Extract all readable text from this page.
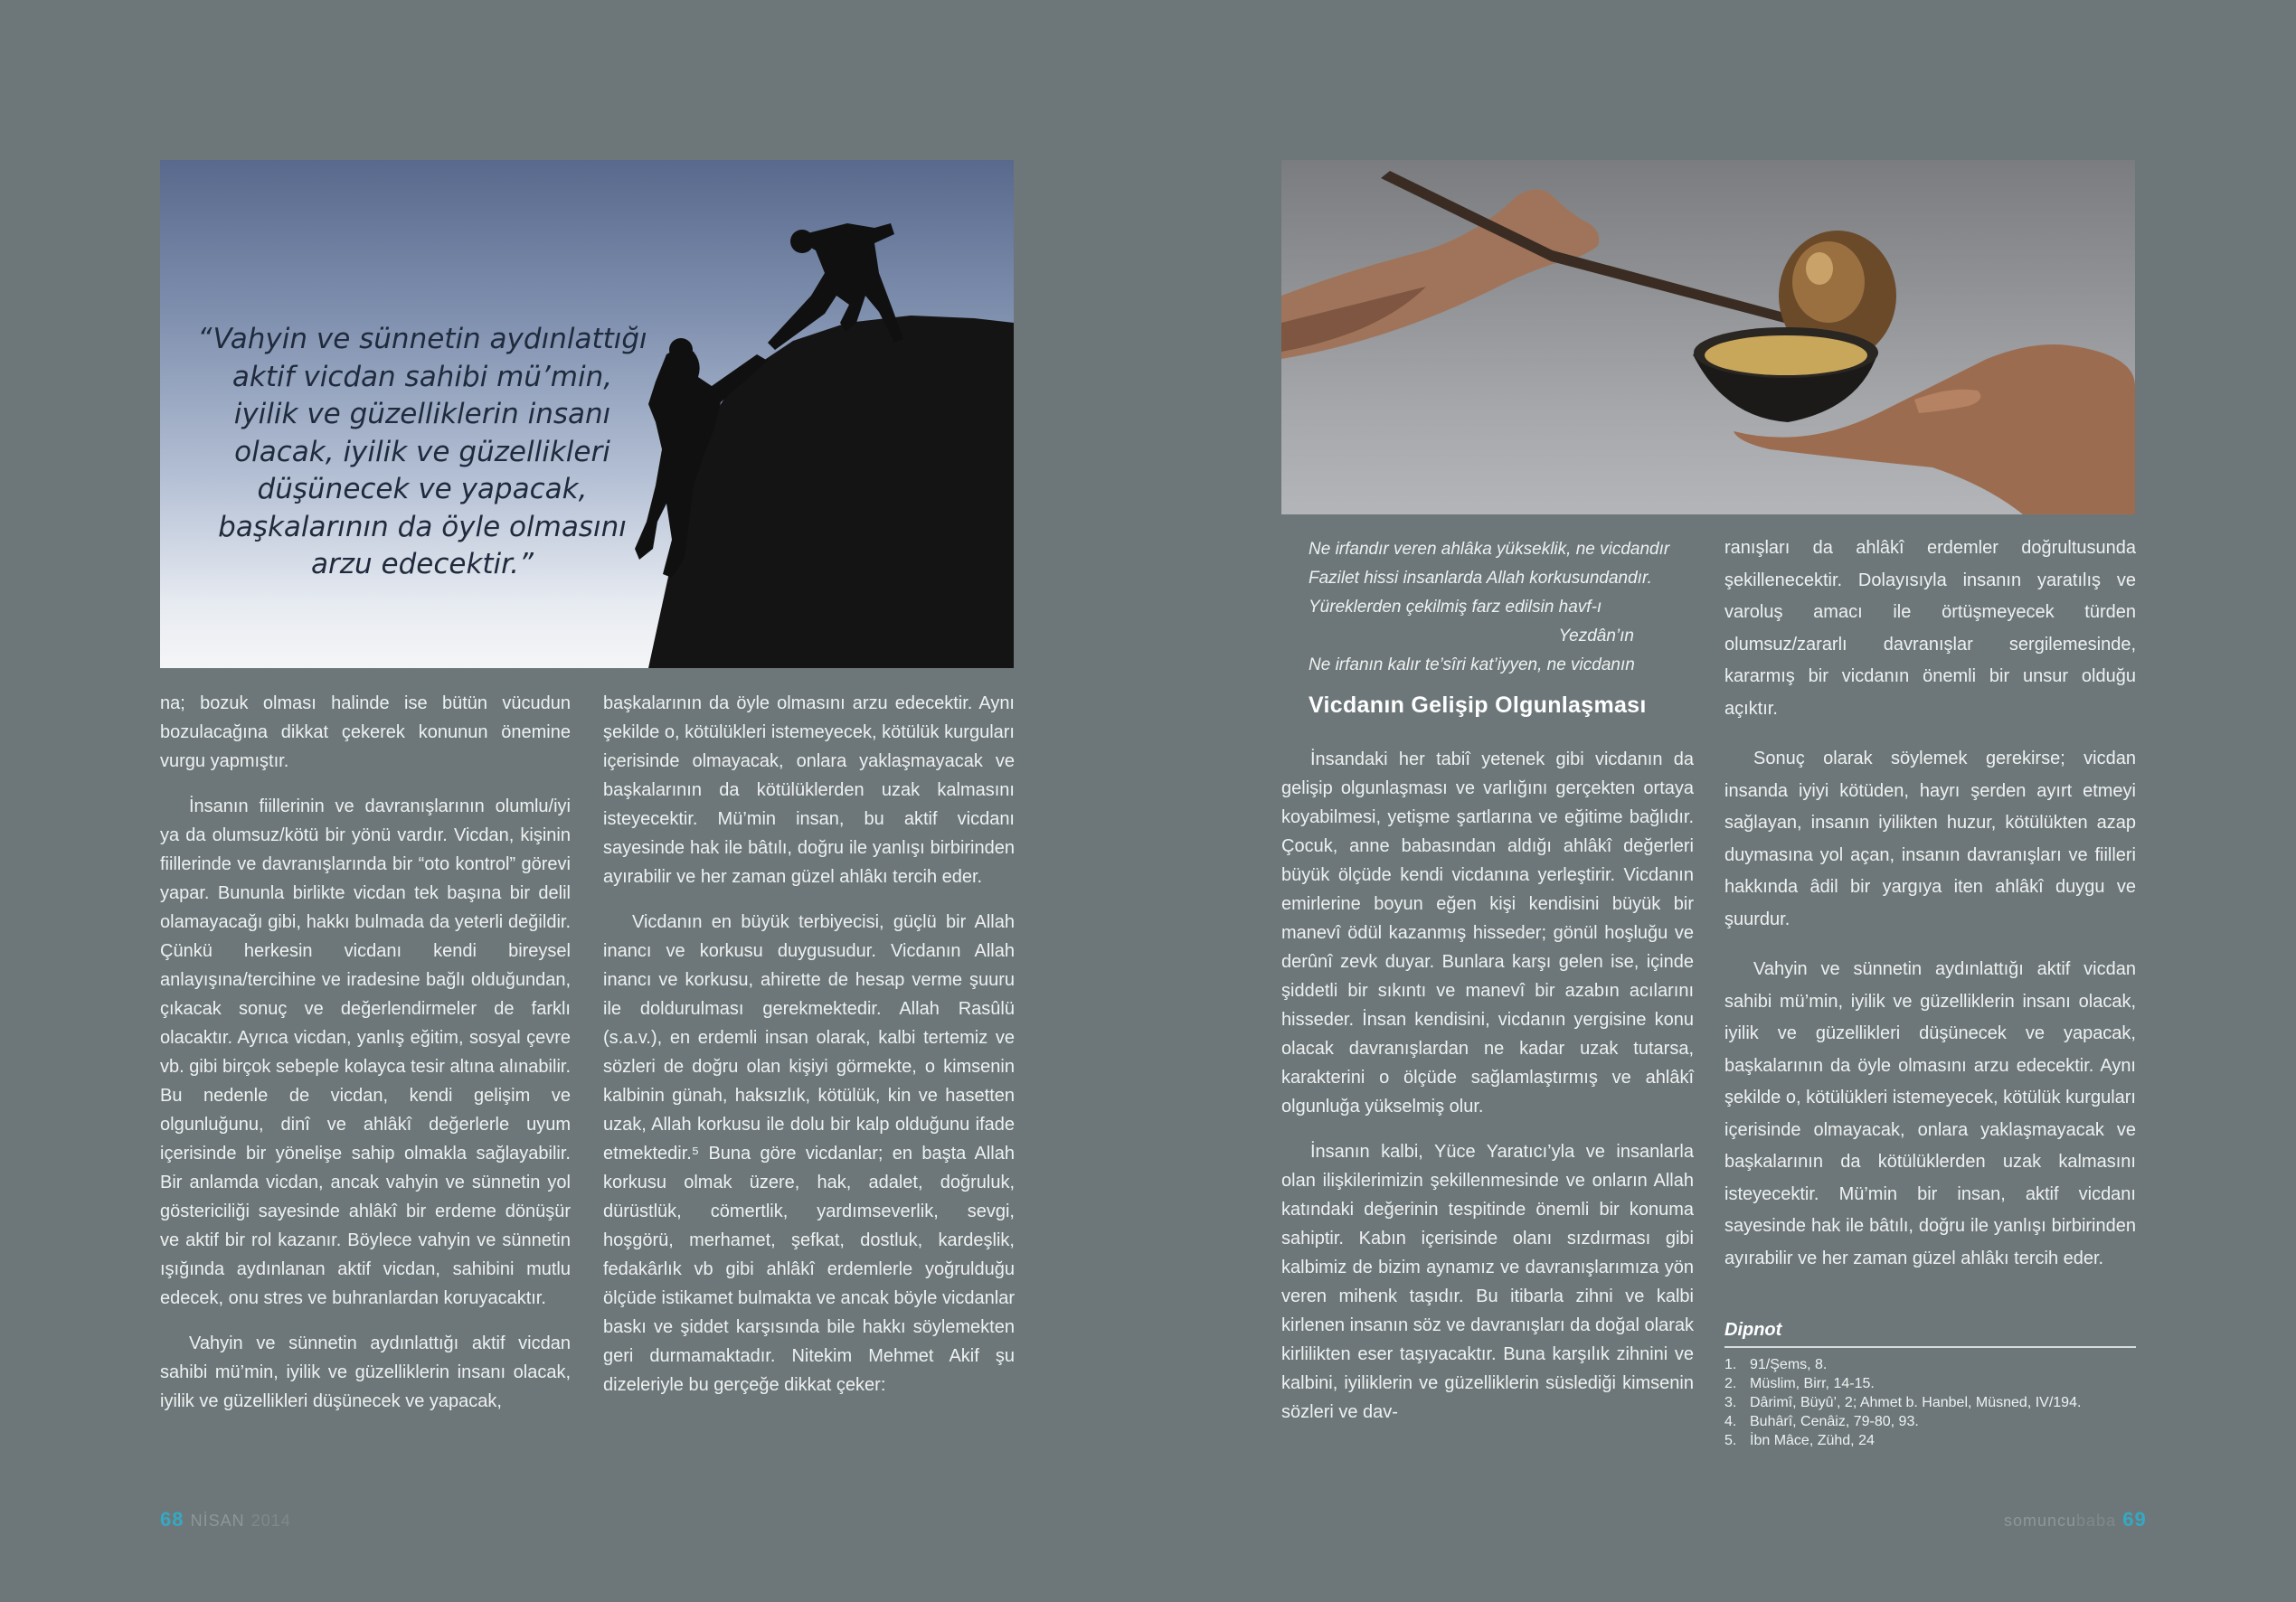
“Vahyin ve sünnetin aydınlattığı aktif vicdan sahibi mü’min, iyilik ve güzelliklerin insanı olacak, iyilik ve güzellikleri düşünecek ve yapacak, başkalarının da öyle olmasını arzu edecektir.”

na; bozuk olması halinde ise bütün vücudun bozulacağına dikkat çekerek konunun önemine vurgu yapmıştır.

İnsanın fiillerinin ve davranışlarının olumlu/iyi ya da olumsuz/kötü bir yönü vardır. Vicdan, kişinin fiillerinde ve davranışlarında bir “oto kontrol” görevi yapar. Bununla birlikte vicdan tek başına bir delil olamayacağı gibi, hakkı bulmada da yeterli değildir. Çünkü herkesin vicdanı kendi bireysel anlayışına/tercihine ve iradesine bağlı olduğundan, çıkacak sonuç ve değerlendirmeler de farklı olacaktır. Ayrıca vicdan, yanlış eğitim, sosyal çevre vb. gibi birçok sebeple kolayca tesir altına alınabilir. Bu nedenle de vicdan, kendi gelişim ve olgunluğunu, dinî ve ahlâkî değerlerle uyum içerisinde bir yönelişe sahip olmakla sağlayabilir. Bir anlamda vicdan, ancak vahyin ve sünnetin yol göstericiliği sayesinde ahlâkî bir erdeme dönüşür ve aktif bir rol kazanır. Böylece vahyin ve sünnetin ışığında aydınlanan aktif vicdan, sahibini mutlu edecek, onu stres ve buhranlardan koruyacaktır.

Vahyin ve sünnetin aydınlattığı aktif vicdan sahibi mü’min, iyilik ve güzelliklerin insanı olacak, iyilik ve güzellikleri düşünecek ve yapacak,

başkalarının da öyle olmasını arzu edecektir. Aynı şekilde o, kötülükleri istemeyecek, kötülük kurguları içerisinde olmayacak, onlara yaklaşmayacak ve başkalarının da kötülüklerden uzak kalmasını isteyecektir. Mü’min insan, bu aktif vicdanı sayesinde hak ile bâtılı, doğru ile yanlışı birbirinden ayırabilir ve her zaman güzel ahlâkı tercih eder.

Vicdanın en büyük terbiyecisi, güçlü bir Allah inancı ve korkusu duygusudur. Vicdanın Allah inancı ve korkusu, ahirette de hesap verme şuuru ile doldurulması gerekmektedir. Allah Rasûlü (s.a.v.), en erdemli insan olarak, kalbi tertemiz ve sözleri de doğru olan kişiyi görmekte, o kimsenin kalbinin günah, haksızlık, kötülük, kin ve hasetten uzak, Allah korkusu ile dolu bir kalp olduğunu ifade etmektedir.⁵ Buna göre vicdanlar; en başta Allah korkusu olmak üzere, hak, adalet, doğruluk, dürüstlük, cömertlik, yardımseverlik, sevgi, hoşgörü, merhamet, şefkat, dostluk, kardeşlik, fedakârlık vb gibi ahlâkî erdemlerle yoğrulduğu ölçüde istikamet bulmakta ve ancak böyle vicdanlar baskı ve şiddet karşısında bile hakkı söylemekten geri durmamaktadır. Nitekim Mehmet Akif şu dizeleriyle bu gerçeğe dikkat çeker:

68 NİSAN 2014
Ne irfandır veren ahlâka yükseklik, ne vicdandır
Fazilet hissi insanlarda Allah korkusundandır.
Yüreklerden çekilmiş farz edilsin havf-ı
Yezdân’ın
Ne irfanın kalır te’sîri kat’iyyen, ne vicdanın
Vicdanın Gelişip Olgunlaşması

İnsandaki her tabiî yetenek gibi vicdanın da gelişip olgunlaşması ve varlığını gerçekten ortaya koyabilmesi, yetişme şartlarına ve eğitime bağlıdır. Çocuk, anne babasından aldığı ahlâkî değerleri büyük ölçüde kendi vicdanına yerleştirir. Vicdanın emirlerine boyun eğen kişi kendisini büyük bir manevî ödül kazanmış hisseder; gönül hoşluğu ve derûnî zevk duyar. Bunlara karşı gelen ise, içinde şiddetli bir sıkıntı ve manevî bir azabın acılarını hisseder. İnsan kendisini, vicdanın yergisine konu olacak davranışlardan ne kadar uzak tutarsa, karakterini o ölçüde sağlamlaştırmış ve ahlâkî olgunluğa yükselmiş olur.

İnsanın kalbi, Yüce Yaratıcı’yla ve insanlarla olan ilişkilerimizin şekillenmesinde ve onların Allah katındaki değerinin tespitinde önemli bir konuma sahiptir. Kabın içerisinde olanı sızdırması gibi kalbimiz de bizim aynamız ve davranışlarımıza yön veren mihenk taşıdır. Bu itibarla zihni ve kalbi kirlenen insanın söz ve davranışları da doğal olarak kirlilikten eser taşıyacaktır. Buna karşılık zihnini ve kalbini, iyiliklerin ve güzelliklerin süslediği kimsenin sözleri ve dav-

ranışları da ahlâkî erdemler doğrultusunda şekillenecektir. Dolayısıyla insanın yaratılış ve varoluş amacı ile örtüşmeyecek türden olumsuz/zararlı davranışlar sergilemesinde, kararmış bir vicdanın önemli bir unsur olduğu açıktır.

Sonuç olarak söylemek gerekirse; vicdan insanda iyiyi kötüden, hayrı şerden ayırt etmeyi sağlayan, insanın iyilikten huzur, kötülükten azap duymasına yol açan, insanın davranışları ve fiilleri hakkında âdil bir yargıya iten ahlâkî duygu ve şuurdur.

Vahyin ve sünnetin aydınlattığı aktif vicdan sahibi mü’min, iyilik ve güzelliklerin insanı olacak, iyilik ve güzellikleri düşünecek ve yapacak, başkalarının da öyle olmasını arzu edecektir. Aynı şekilde o, kötülükleri istemeyecek, kötülük kurguları içerisinde olmayacak, onlara yaklaşmayacak ve başkalarının da kötülüklerden uzak kalmasını isteyecektir. Mü’min bir insan, aktif vicdanı sayesinde hak ile bâtılı, doğru ile yanlışı birbirinden ayırabilir ve her zaman güzel ahlâkı tercih eder.

Dipnot
1. 91/Şems, 8.
2. Müslim, Birr, 14-15.
3. Dârimî, Büyû’, 2; Ahmet b. Hanbel, Müsned, IV/194.
4. Buhârî, Cenâiz, 79-80, 93.
5. İbn Mâce, Zühd, 24
somuncubaba 69
